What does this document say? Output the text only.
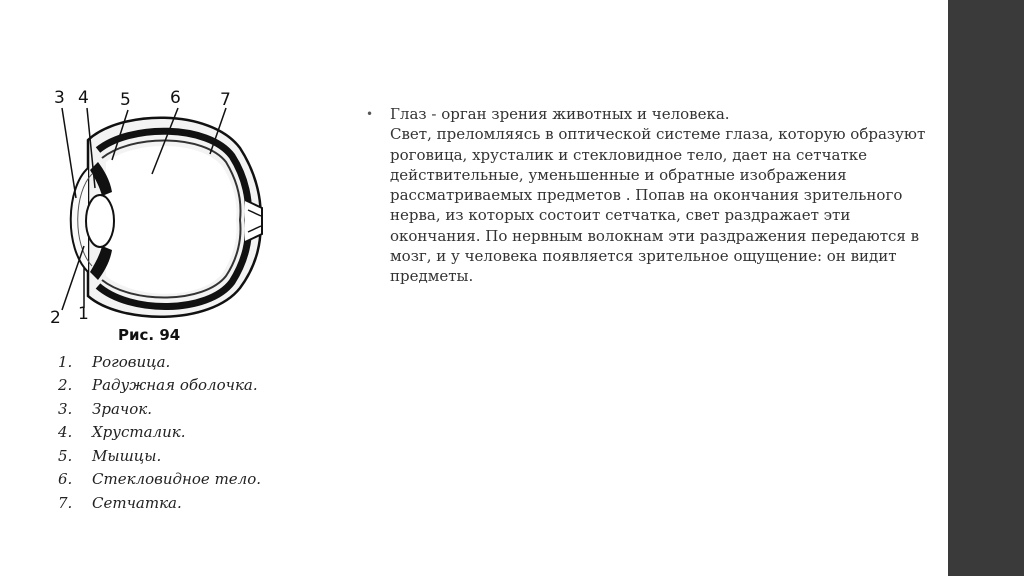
3 4 5 6 7
2 1
Рис. 94
1.	Роговица.
2.	Радужная оболочка.
3.	Зрачок.
4.	Хрусталик.
5.	Мышцы.
6.	Стекловидное тело.
7.	Сетчатка.
• Глаз - орган зрения животных и человека.

Свет, преломляясь в оптической системе глаза, которую образуют роговица, хрусталик и стекловидное тело, дает на сетчатке действительные, уменьшенные и обратные изображения рассматриваемых предметов . Попав на окончания зрительного нерва, из которых состоит сетчатка, свет раздражает эти окончания. По нервным волокнам эти раздражения передаются в мозг, и у человека появляется зрительное ощущение: он видит предметы.
